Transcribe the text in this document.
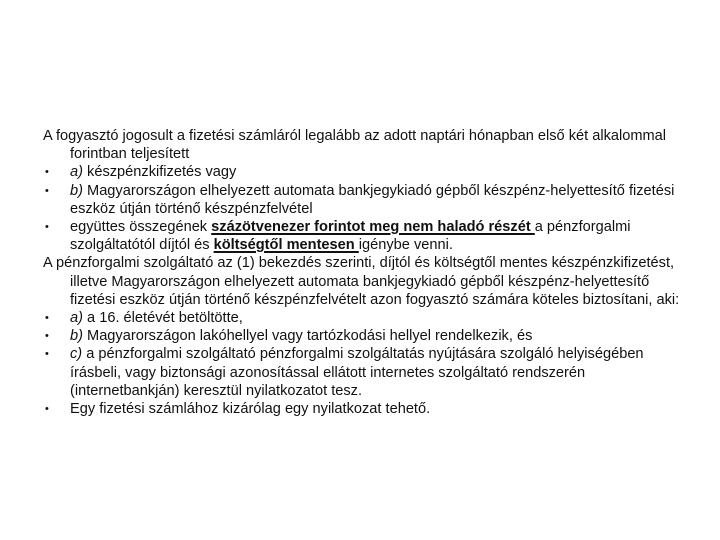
A fogyasztó jogosult a fizetési számláról legalább az adott naptári hónapban első két alkalommal forintban teljesített

• a) készpénzkifizetés vagy

• b) Magyarországon elhelyezett automata bankjegykiadó gépből készpénz-helyettesítő fizetési eszköz útján történő készpénzfelvétel

• együttes összegének százötvenezer forintot meg nem haladó részét a pénzforgalmi szolgáltatótól díjtól és költségtől mentesen igénybe venni.

A pénzforgalmi szolgáltató az (1) bekezdés szerinti, díjtól és költségtől mentes készpénzkifizetést, illetve Magyarországon elhelyezett automata bankjegykiadó gépből készpénz-helyettesítő fizetési eszköz útján történő készpénzfelvételt azon fogyasztó számára köteles biztosítani, aki:

• a) a 16. életévét betöltötte,

• b) Magyarországon lakóhellyel vagy tartózkodási hellyel rendelkezik, és

• c) a pénzforgalmi szolgáltató pénzforgalmi szolgáltatás nyújtására szolgáló helyiségében írásbeli, vagy biztonsági azonosítással ellátott internetes szolgáltató rendszerén (internetbankján) keresztül nyilatkozatot tesz.

• Egy fizetési számlához kizárólag egy nyilatkozat tehető.
